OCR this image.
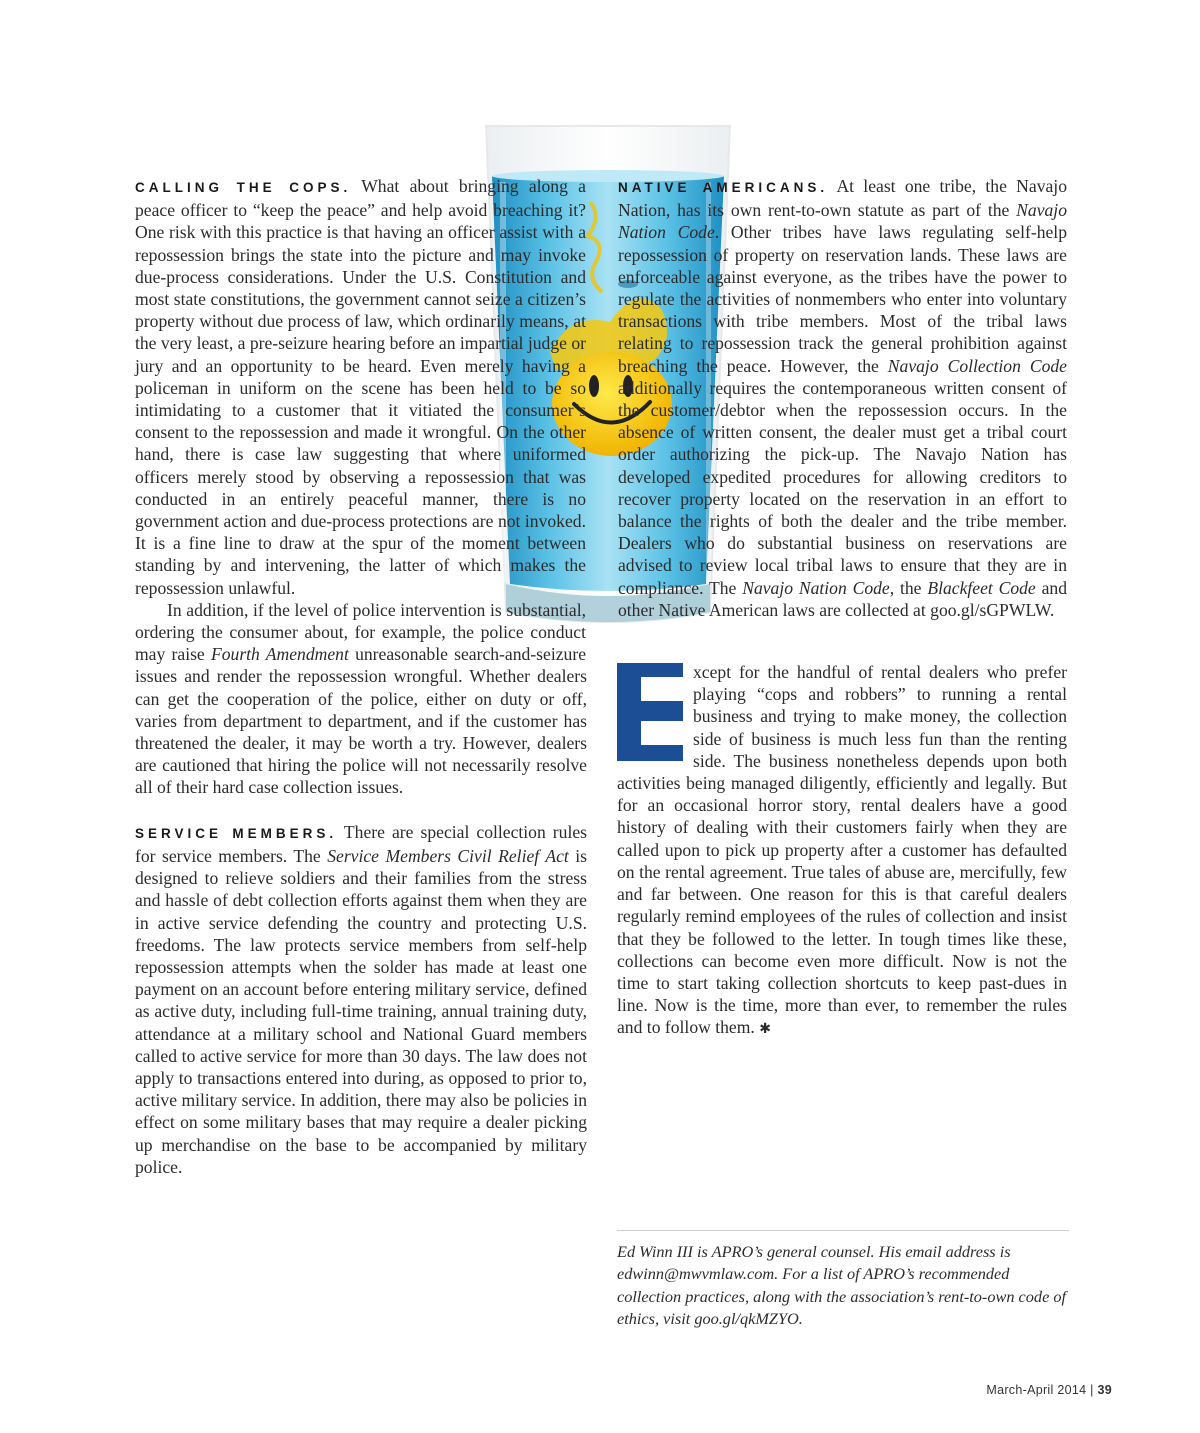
CALLING THE COPS. What about bringing along a peace officer to “keep the peace” and help avoid breaching it? One risk with this practice is that having an officer assist with a repossession brings the state into the picture and may invoke due-process considerations. Under the U.S. Constitution and most state constitutions, the government cannot seize a citizen’s property without due process of law, which ordinarily means, at the very least, a pre-seizure hearing before an impartial judge or jury and an opportunity to be heard. Even merely having a policeman in uniform on the scene has been held to be so intimidating to a customer that it vitiated the consumer’s consent to the repossession and made it wrongful. On the other hand, there is case law suggesting that where uniformed officers merely stood by observing a repossession that was conducted in an entirely peaceful manner, there is no government action and due-process protections are not invoked. It is a fine line to draw at the spur of the moment between standing by and intervening, the latter of which makes the repossession unlawful.

In addition, if the level of police intervention is substantial, ordering the consumer about, for example, the police conduct may raise Fourth Amendment unreasonable search-and-seizure issues and render the repossession wrongful. Whether dealers can get the cooperation of the police, either on duty or off, varies from department to department, and if the customer has threatened the dealer, it may be worth a try. However, dealers are cautioned that hiring the police will not necessarily resolve all of their hard case collection issues.

SERVICE MEMBERS. There are special collection rules for service members. The Service Members Civil Relief Act is designed to relieve soldiers and their families from the stress and hassle of debt collection efforts against them when they are in active service defending the country and protecting U.S. freedoms. The law protects service members from self-help repossession attempts when the solder has made at least one payment on an account before entering military service, defined as active duty, including full-time training, annual training duty, attendance at a military school and National Guard members called to active service for more than 30 days. The law does not apply to transactions entered into during, as opposed to prior to, active military service. In addition, there may also be policies in effect on some military bases that may require a dealer picking up merchandise on the base to be accompanied by military police.

NATIVE AMERICANS. At least one tribe, the Navajo Nation, has its own rent-to-own statute as part of the Navajo Nation Code. Other tribes have laws regulating self-help repossession of property on reservation lands. These laws are enforceable against everyone, as the tribes have the power to regulate the activities of nonmembers who enter into voluntary transactions with tribe members. Most of the tribal laws relating to repossession track the general prohibition against breaching the peace. However, the Navajo Collection Code additionally requires the contemporaneous written consent of the customer/debtor when the repossession occurs. In the absence of written consent, the dealer must get a tribal court order authorizing the pick-up. The Navajo Nation has developed expedited procedures for allowing creditors to recover property located on the reservation in an effort to balance the rights of both the dealer and the tribe member. Dealers who do substantial business on reservations are advised to review local tribal laws to ensure that they are in compliance. The Navajo Nation Code, the Blackfeet Code and other Native American laws are collected at goo.gl/sGPWLW.

xcept for the handful of rental dealers who prefer playing “cops and robbers” to running a rental business and trying to make money, the collection side of business is much less fun than the renting side. The business nonetheless depends upon both activities being managed diligently, efficiently and legally. But for an occasional horror story, rental dealers have a good history of dealing with their customers fairly when they are called upon to pick up property after a customer has defaulted on the rental agreement. True tales of abuse are, mercifully, few and far between. One reason for this is that careful dealers regularly remind employees of the rules of collection and insist that they be followed to the letter. In tough times like these, collections can become even more difficult. Now is not the time to start taking collection shortcuts to keep past-dues in line. Now is the time, more than ever, to remember the rules and to follow them. ✱

Ed Winn III is APRO’s general counsel. His email address is edwinn@mwvmlaw.com. For a list of APRO’s recommended collection practices, along with the association’s rent-to-own code of ethics, visit goo.gl/qkMZYO.
March-April 2014 | 39
